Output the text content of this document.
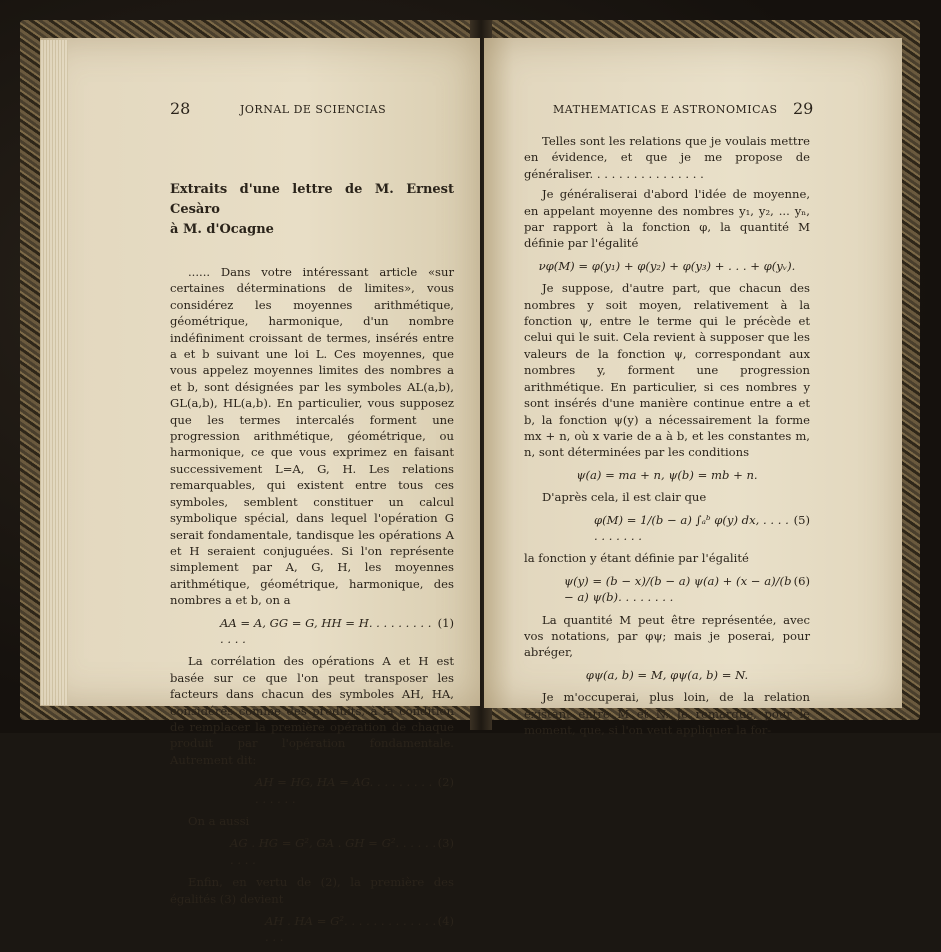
28	JORNAL DE SCIENCIAS	MATHEMATICAS E ASTRONOMICAS 29

Extraits d'une lettre de M. Ernest Cesàro

à M. d'Ocagne

...... Dans votre intéressant article «sur certaines déterminations de limites», vous considérez les moyennes arithmétique, géométrique, harmonique, d'un nombre indéfiniment croissant de termes, insérés entre a et b suivant une loi L. Ces moyennes, que vous appelez moyennes limites des nombres a et b, sont désignées par les symboles AL(a,b), GL(a,b), HL(a,b). En particulier, vous supposez que les termes intercalés forment une progression arithmétique, géométrique, ou harmonique, ce que vous exprimez en faisant successivement L=A, G, H. Les relations remarquables, qui existent entre tous ces symboles, semblent constituer un calcul symbolique spécial, dans lequel l'opération G serait fondamentale, tandisque les opérations A et H seraient conjuguées. Si l'on représente simplement par A, G, H, les moyennes arithmétique, géométrique, harmonique, des nombres a et b, on a

AA = A, GG = G, HH = H. . . . . . . . . . . . .
(1)

La corrélation des opérations A et H est basée sur ce que l'on peut transposer les facteurs dans chacun des symboles AH, HA, considérés comme des produits, à la condition de remplacer la première opération de chaque produit par l'opération fondamentale. Autrement dit:

AH = HG, HA = AG. . . . . . . . . . . . . . .
(2)

On a aussi

AG . HG = G², GA . GH = G². . . . . . . . . .
(3)

Enfin, en vertu de (2), la première des égalités (3) devient

AH . HA = G². . . . . . . . . . . . . . . .
(4)

Telles sont les relations que je voulais mettre en évidence, et que je me propose de généraliser. . . . . . . . . . . . . . . .

Je généraliserai d'abord l'idée de moyenne, en appelant moyenne des nombres y₁, y₂, ... yₙ, par rapport à la fonction φ, la quantité M définie par l'égalité

νφ(M) = φ(y₁) + φ(y₂) + φ(y₃) + . . . + φ(yᵥ).

Je suppose, d'autre part, que chacun des nombres y soit moyen, relativement à la fonction ψ, entre le terme qui le précède et celui qui le suit. Cela revient à supposer que les valeurs de la fonction ψ, correspondant aux nombres y, forment une progression arithmétique. En particulier, si ces nombres y sont insérés d'une manière continue entre a et b, la fonction ψ(y) a nécessairement la forme mx + n, où x varie de a à b, et les constantes m, n, sont déterminées par les conditions

ψ(a) = ma + n, ψ(b) = mb + n.

D'après cela, il est clair que

φ(M) = 1/(b − a) ∫ₐᵇ φ(y) dx, . . . . . . . . . . .
(5)

la fonction y étant définie par l'égalité

ψ(y) = (b − x)/(b − a) ψ(a) + (x − a)/(b − a) ψ(b). . . . . . . .
(6)

La quantité M peut être représentée, avec vos notations, par φψ; mais je poserai, pour abréger,

φψ(a, b) = M, φψ(a, b) = N.

Je m'occuperai, plus loin, de la relation existant entre M et N. Je remarque, pour le moment, que, si l'on veut appliquer la for-
